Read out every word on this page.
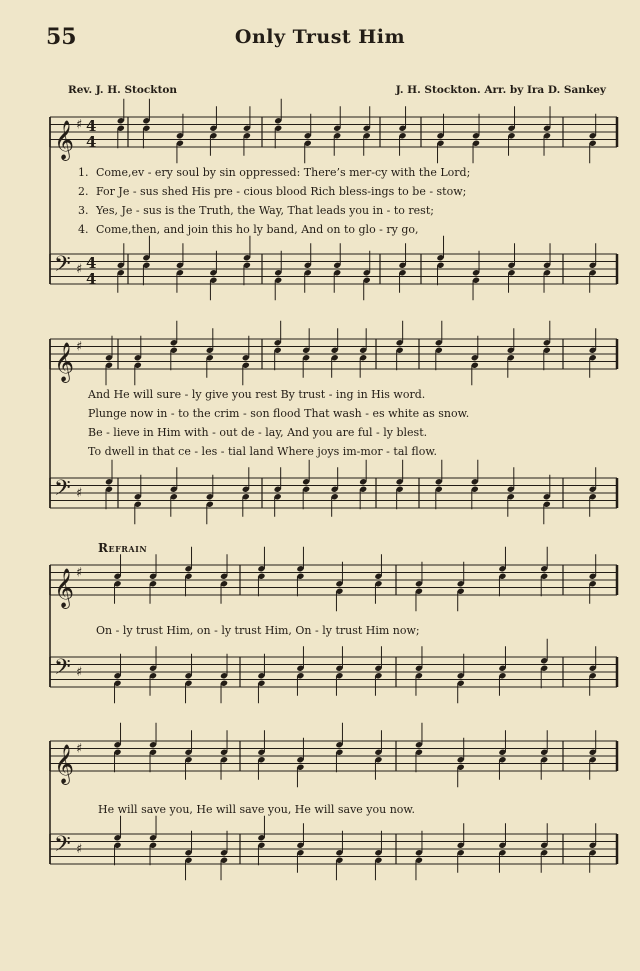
55	Only Trust Him
Rev. J. H. Stockton	J. H. Stockton. Arr. by Ira D. Sankey
𝄞 ♯ 4
4
𝄢 ♯ 4
4
𝄞 ♯
𝄢 ♯
𝄞 ♯
𝄢 ♯
𝄞 ♯
𝄢 ♯
1. Come,ev - ery soul by sin oppressed: There’s mer-cy with the Lord;
2. For Je - sus shed His pre - cious blood Rich bless-ings to be - stow;
3. Yes, Je - sus is the Truth, the Way, That leads you in - to rest;
4. Come,then, and join this ho ly band, And on to glo - ry go,
And He will sure - ly give you rest By trust - ing in His word.
Plunge now in - to the crim - son flood That wash - es white as snow.
Be - lieve in Him with - out de - lay, And you are ful - ly blest.
To dwell in that ce - les - tial land Where joys im-mor - tal flow.
Refrain
On - ly trust Him, on - ly trust Him, On - ly trust Him now;
He will save you, He will save you, He will save you now.
